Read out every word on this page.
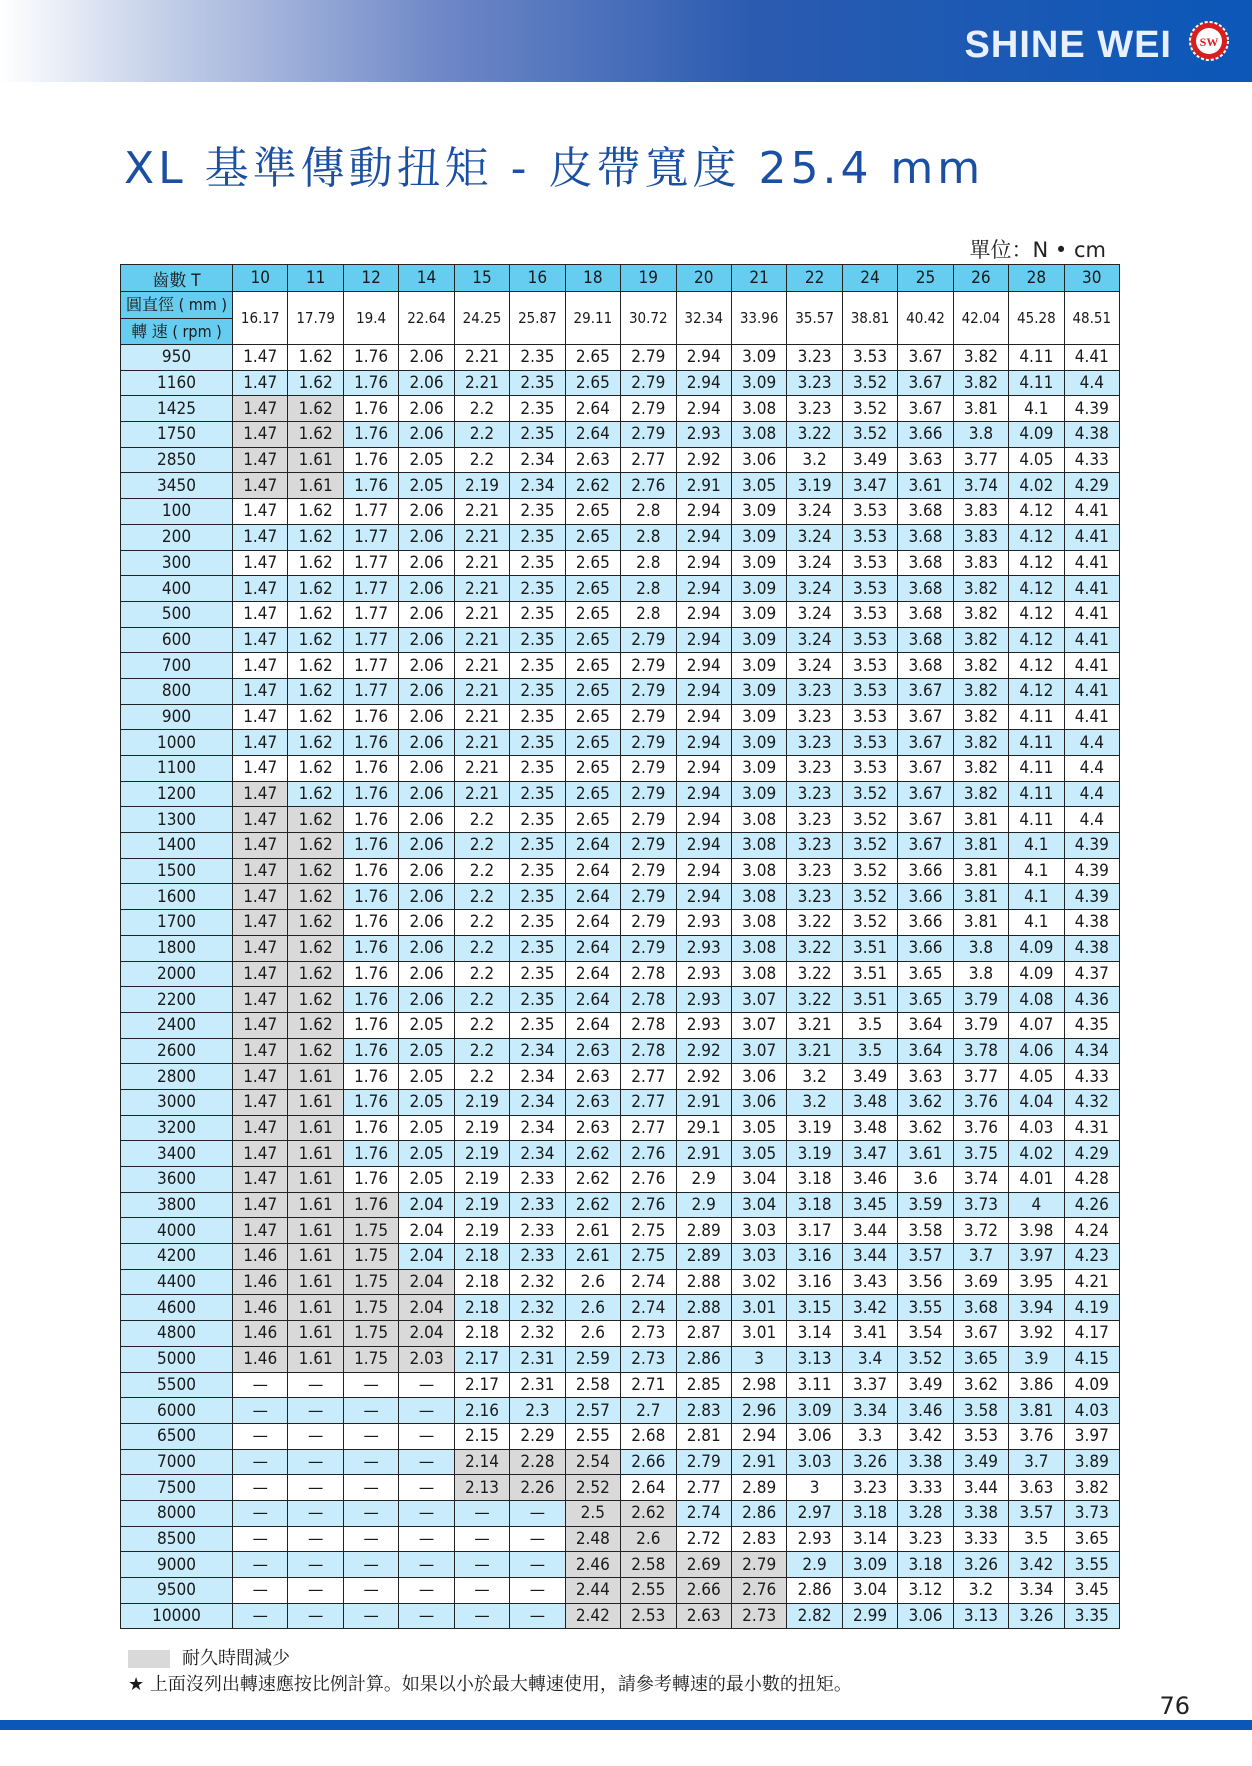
SHINE WEI SW
XL 基準傳動扭矩 - 皮帶寬度 25.4 mm
單位：N • cm
齒數 T	10	11	12	14	15	16	18	19	20	21	22	24	25	26	28	30

圓直徑 ( mm )
轉 速 ( rpm )	16.17	17.79	19.4	22.64	24.25	25.87	29.11	30.72	32.34	33.96	35.57	38.81	40.42	42.04	45.28	48.51
950	1.47	1.62	1.76	2.06	2.21	2.35	2.65	2.79	2.94	3.09	3.23	3.53	3.67	3.82	4.11	4.41
1160	1.47	1.62	1.76	2.06	2.21	2.35	2.65	2.79	2.94	3.09	3.23	3.52	3.67	3.82	4.11	4.4
1425	1.47	1.62	1.76	2.06	2.2	2.35	2.64	2.79	2.94	3.08	3.23	3.52	3.67	3.81	4.1	4.39
1750	1.47	1.62	1.76	2.06	2.2	2.35	2.64	2.79	2.93	3.08	3.22	3.52	3.66	3.8	4.09	4.38
2850	1.47	1.61	1.76	2.05	2.2	2.34	2.63	2.77	2.92	3.06	3.2	3.49	3.63	3.77	4.05	4.33
3450	1.47	1.61	1.76	2.05	2.19	2.34	2.62	2.76	2.91	3.05	3.19	3.47	3.61	3.74	4.02	4.29
100	1.47	1.62	1.77	2.06	2.21	2.35	2.65	2.8	2.94	3.09	3.24	3.53	3.68	3.83	4.12	4.41
200	1.47	1.62	1.77	2.06	2.21	2.35	2.65	2.8	2.94	3.09	3.24	3.53	3.68	3.83	4.12	4.41
300	1.47	1.62	1.77	2.06	2.21	2.35	2.65	2.8	2.94	3.09	3.24	3.53	3.68	3.83	4.12	4.41
400	1.47	1.62	1.77	2.06	2.21	2.35	2.65	2.8	2.94	3.09	3.24	3.53	3.68	3.82	4.12	4.41
500	1.47	1.62	1.77	2.06	2.21	2.35	2.65	2.8	2.94	3.09	3.24	3.53	3.68	3.82	4.12	4.41
600	1.47	1.62	1.77	2.06	2.21	2.35	2.65	2.79	2.94	3.09	3.24	3.53	3.68	3.82	4.12	4.41
700	1.47	1.62	1.77	2.06	2.21	2.35	2.65	2.79	2.94	3.09	3.24	3.53	3.68	3.82	4.12	4.41
800	1.47	1.62	1.77	2.06	2.21	2.35	2.65	2.79	2.94	3.09	3.23	3.53	3.67	3.82	4.12	4.41
900	1.47	1.62	1.76	2.06	2.21	2.35	2.65	2.79	2.94	3.09	3.23	3.53	3.67	3.82	4.11	4.41
1000	1.47	1.62	1.76	2.06	2.21	2.35	2.65	2.79	2.94	3.09	3.23	3.53	3.67	3.82	4.11	4.4
1100	1.47	1.62	1.76	2.06	2.21	2.35	2.65	2.79	2.94	3.09	3.23	3.53	3.67	3.82	4.11	4.4
1200	1.47	1.62	1.76	2.06	2.21	2.35	2.65	2.79	2.94	3.09	3.23	3.52	3.67	3.82	4.11	4.4
1300	1.47	1.62	1.76	2.06	2.2	2.35	2.65	2.79	2.94	3.08	3.23	3.52	3.67	3.81	4.11	4.4
1400	1.47	1.62	1.76	2.06	2.2	2.35	2.64	2.79	2.94	3.08	3.23	3.52	3.67	3.81	4.1	4.39
1500	1.47	1.62	1.76	2.06	2.2	2.35	2.64	2.79	2.94	3.08	3.23	3.52	3.66	3.81	4.1	4.39
1600	1.47	1.62	1.76	2.06	2.2	2.35	2.64	2.79	2.94	3.08	3.23	3.52	3.66	3.81	4.1	4.39
1700	1.47	1.62	1.76	2.06	2.2	2.35	2.64	2.79	2.93	3.08	3.22	3.52	3.66	3.81	4.1	4.38
1800	1.47	1.62	1.76	2.06	2.2	2.35	2.64	2.79	2.93	3.08	3.22	3.51	3.66	3.8	4.09	4.38
2000	1.47	1.62	1.76	2.06	2.2	2.35	2.64	2.78	2.93	3.08	3.22	3.51	3.65	3.8	4.09	4.37
2200	1.47	1.62	1.76	2.06	2.2	2.35	2.64	2.78	2.93	3.07	3.22	3.51	3.65	3.79	4.08	4.36
2400	1.47	1.62	1.76	2.05	2.2	2.35	2.64	2.78	2.93	3.07	3.21	3.5	3.64	3.79	4.07	4.35
2600	1.47	1.62	1.76	2.05	2.2	2.34	2.63	2.78	2.92	3.07	3.21	3.5	3.64	3.78	4.06	4.34
2800	1.47	1.61	1.76	2.05	2.2	2.34	2.63	2.77	2.92	3.06	3.2	3.49	3.63	3.77	4.05	4.33
3000	1.47	1.61	1.76	2.05	2.19	2.34	2.63	2.77	2.91	3.06	3.2	3.48	3.62	3.76	4.04	4.32
3200	1.47	1.61	1.76	2.05	2.19	2.34	2.63	2.77	29.1	3.05	3.19	3.48	3.62	3.76	4.03	4.31
3400	1.47	1.61	1.76	2.05	2.19	2.34	2.62	2.76	2.91	3.05	3.19	3.47	3.61	3.75	4.02	4.29
3600	1.47	1.61	1.76	2.05	2.19	2.33	2.62	2.76	2.9	3.04	3.18	3.46	3.6	3.74	4.01	4.28
3800	1.47	1.61	1.76	2.04	2.19	2.33	2.62	2.76	2.9	3.04	3.18	3.45	3.59	3.73	4	4.26
4000	1.47	1.61	1.75	2.04	2.19	2.33	2.61	2.75	2.89	3.03	3.17	3.44	3.58	3.72	3.98	4.24
4200	1.46	1.61	1.75	2.04	2.18	2.33	2.61	2.75	2.89	3.03	3.16	3.44	3.57	3.7	3.97	4.23
4400	1.46	1.61	1.75	2.04	2.18	2.32	2.6	2.74	2.88	3.02	3.16	3.43	3.56	3.69	3.95	4.21
4600	1.46	1.61	1.75	2.04	2.18	2.32	2.6	2.74	2.88	3.01	3.15	3.42	3.55	3.68	3.94	4.19
4800	1.46	1.61	1.75	2.04	2.18	2.32	2.6	2.73	2.87	3.01	3.14	3.41	3.54	3.67	3.92	4.17
5000	1.46	1.61	1.75	2.03	2.17	2.31	2.59	2.73	2.86	3	3.13	3.4	3.52	3.65	3.9	4.15
5500	—	—	—	—	2.17	2.31	2.58	2.71	2.85	2.98	3.11	3.37	3.49	3.62	3.86	4.09
6000	—	—	—	—	2.16	2.3	2.57	2.7	2.83	2.96	3.09	3.34	3.46	3.58	3.81	4.03
6500	—	—	—	—	2.15	2.29	2.55	2.68	2.81	2.94	3.06	3.3	3.42	3.53	3.76	3.97
7000	—	—	—	—	2.14	2.28	2.54	2.66	2.79	2.91	3.03	3.26	3.38	3.49	3.7	3.89
7500	—	—	—	—	2.13	2.26	2.52	2.64	2.77	2.89	3	3.23	3.33	3.44	3.63	3.82
8000	—	—	—	—	—	—	2.5	2.62	2.74	2.86	2.97	3.18	3.28	3.38	3.57	3.73
8500	—	—	—	—	—	—	2.48	2.6	2.72	2.83	2.93	3.14	3.23	3.33	3.5	3.65
9000	—	—	—	—	—	—	2.46	2.58	2.69	2.79	2.9	3.09	3.18	3.26	3.42	3.55
9500	—	—	—	—	—	—	2.44	2.55	2.66	2.76	2.86	3.04	3.12	3.2	3.34	3.45
10000	—	—	—	—	—	—	2.42	2.53	2.63	2.73	2.82	2.99	3.06	3.13	3.26	3.35
耐久時間減少
★ 上面沒列出轉速應按比例計算。如果以小於最大轉速使用，請參考轉速的最小數的扭矩。
76
